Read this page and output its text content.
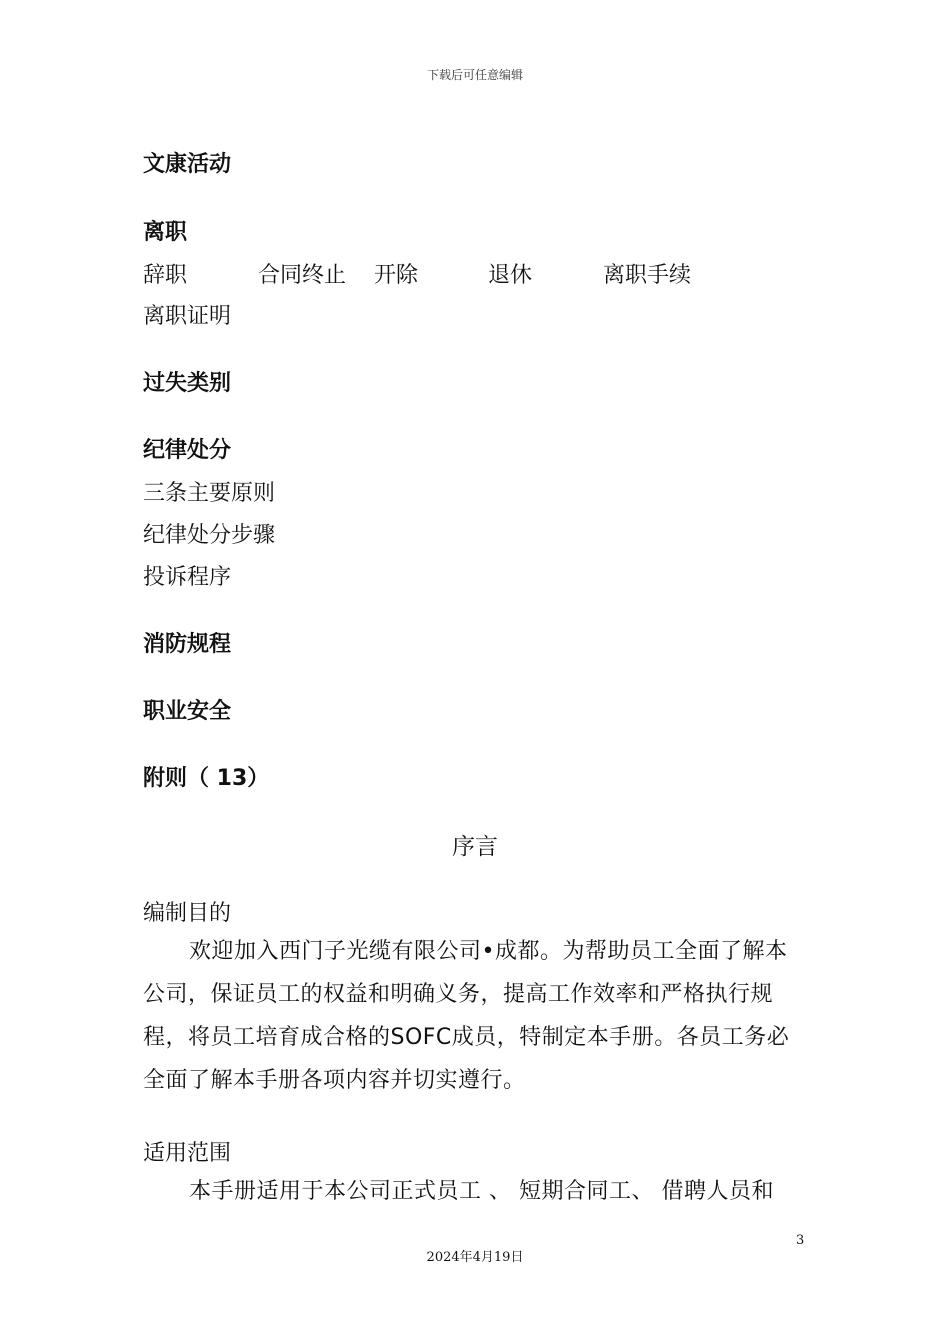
下载后可任意编辑
文康活动
离职
辞职	合同终止 开除	退休	离职手续
离职证明
过失类别
纪律处分
三条主要原则
纪律处分步骤
投诉程序
消防规程
职业安全
附则（ 13）
序言
编制目的
欢迎加入西门子光缆有限公司•成都。为帮助员工全面了解本公司，保证员工的权益和明确义务，提高工作效率和严格执行规程，将员工培育成合格的SOFC成员，特制定本手册。各员工务必全面了解本手册各项内容并切实遵行。
适用范围
本手册适用于本公司正式员工 、 短期合同工、 借聘人员和
3
2024年4月19日
